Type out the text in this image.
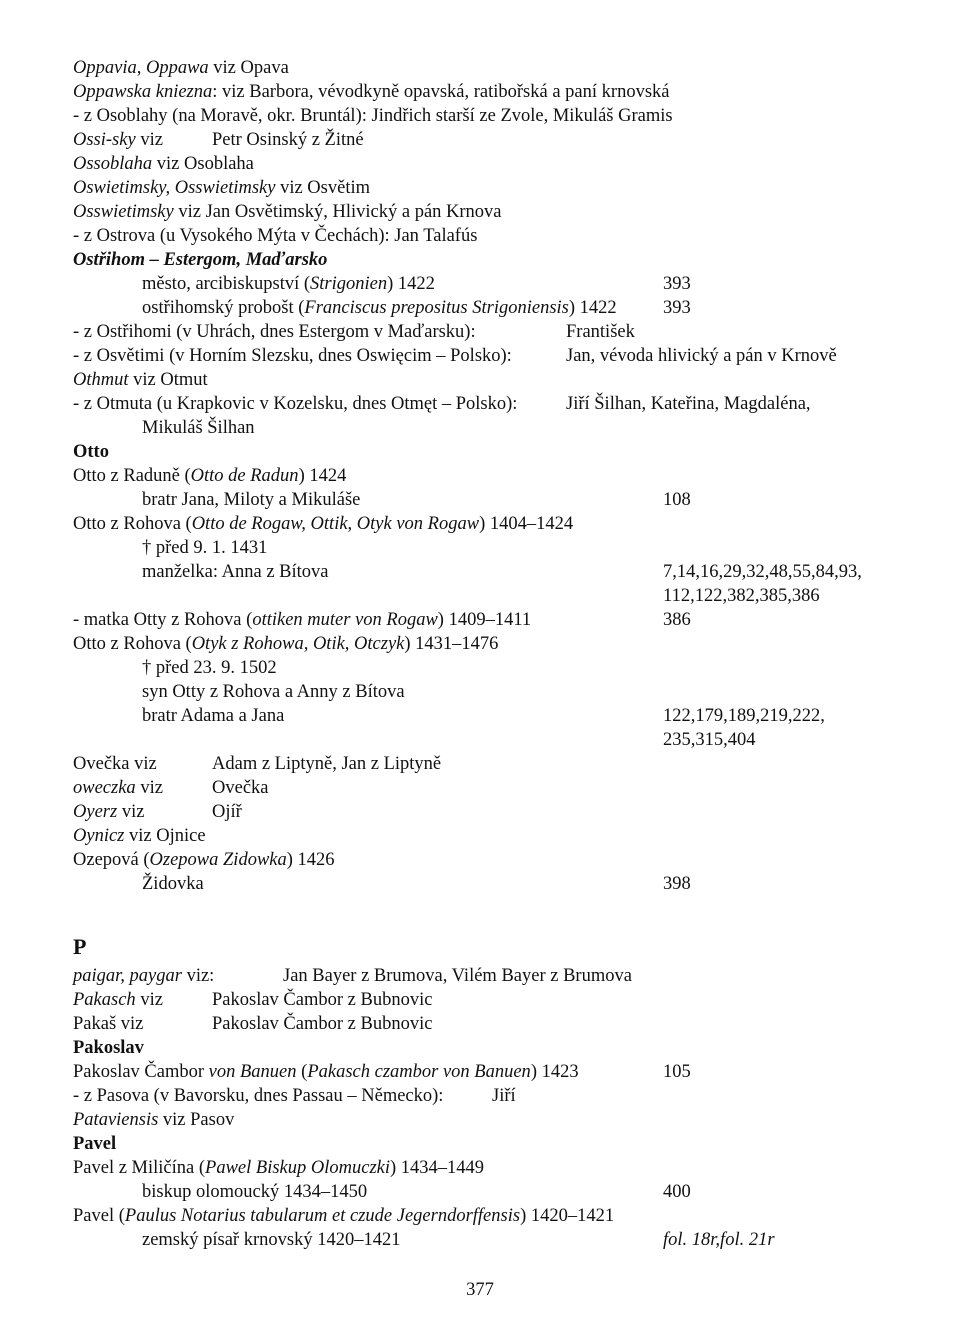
Oppavia, Oppawa viz Opava
Oppawska kniezna: viz Barbora, vévodkyně opavská, ratibořská a paní krnovská
- z Osoblahy (na Moravě, okr. Bruntál): Jindřich starší ze Zvole, Mikuláš Gramis
Ossi-sky viz	Petr Osinský z Žitné
Ossoblaha viz Osoblaha
Oswietimsky, Osswietimsky viz Osvětim
Osswietimsky viz Jan Osvětimský, Hlivický a pán Krnova
- z Ostrova (u Vysokého Mýta v Čechách): Jan Talafús
Ostřihom – Estergom, Maďarsko
město, arcibiskupství (Strigonien) 1422	393
ostřihomský probošt (Franciscus prepositus Strigoniensis) 1422	393
- z Ostřihomi (v Uhrách, dnes Estergom v Maďarsku):	František
- z Osvětimi (v Horním Slezsku, dnes Oswięcim – Polsko):	Jan, vévoda hlivický a pán v Krnově
Othmut viz Otmut
- z Otmuta (u Krapkovic v Kozelsku, dnes Otmęt – Polsko):	Jiří Šilhan, Kateřina, Magdaléna,
Mikuláš Šilhan
Otto
Otto z Raduně (Otto de Radun) 1424
bratr Jana, Miloty a Mikuláše	108
Otto z Rohova (Otto de Rogaw, Ottik, Otyk von Rogaw) 1404–1424
† před 9. 1. 1431
manželka: Anna z Bítova	7,14,16,29,32,48,55,84,93,
112,122,382,385,386
- matka Otty z Rohova (ottiken muter von Rogaw) 1409–1411	386
Otto z Rohova (Otyk z Rohowa, Otik, Otczyk) 1431–1476
† před 23. 9. 1502
syn Otty z Rohova a Anny z Bítova
bratr Adama a Jana	122,179,189,219,222,
235,315,404
Ovečka viz	Adam z Liptyně, Jan z Liptyně
oweczka viz	Ovečka
Oyerz viz	Ojíř
Oynicz viz Ojnice
Ozepová (Ozepowa Zidowka) 1426
Židovka	398
paigar, paygar viz:	Jan Bayer z Brumova, Vilém Bayer z Brumova
Pakasch viz	Pakoslav Čambor z Bubnovic
Pakaš viz	Pakoslav Čambor z Bubnovic
Pakoslav
Pakoslav Čambor von Banuen (Pakasch czambor von Banuen) 1423	105
- z Pasova (v Bavorsku, dnes Passau – Německo):	Jiří
Pataviensis viz Pasov
Pavel
Pavel z Miličína (Pawel Biskup Olomuczki) 1434–1449
biskup olomoucký 1434–1450	400
Pavel (Paulus Notarius tabularum et czude Jegerndorffensis) 1420–1421
zemský písař krnovský 1420–1421	fol. 18r,fol. 21r
P
377
